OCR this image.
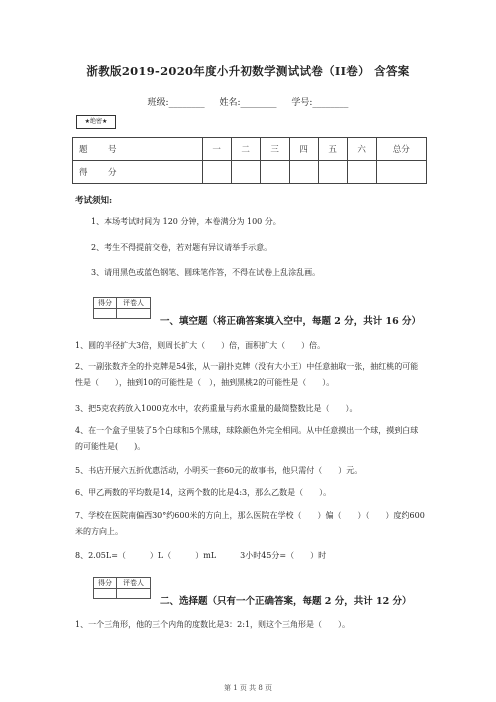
浙教版2019-2020年度小升初数学测试试卷（II卷） 含答案
班级:________ 姓名:________ 学号:________
★绝密★
题　号	一	二	三	四	五	六	总分
得　分							
考试须知:
1、本场考试时间为 120 分钟，本卷满分为 100 分。
2、考生不得提前交卷，若对题有异议请举手示意。
3、请用黑色或蓝色钢笔、圆珠笔作答，不得在试卷上乱涂乱画。
得分	评卷人

一、填空题（将正确答案填入空中，每题 2 分，共计 16 分）
1、圆的半径扩大3倍，则周长扩大（　　）倍，面积扩大（　　）倍。
2、一副张数齐全的扑克牌是54张，从一副扑克牌（没有大小王）中任意抽取一张，抽红桃的可能性是（　　），抽到10的可能性是（　），抽到黑桃2的可能性是（　　）。
3、把5克农药放入1000克水中，农药重量与药水重量的最简整数比是（　　）。
4、在一个盒子里装了5个白球和5个黑球，球除颜色外完全相同。从中任意摸出一个球，摸到白球的可能性是(　　)。
5、书店开展六五折优惠活动，小明买一套60元的故事书，他只需付（　　）元。
6、甲乙两数的平均数是14，这两个数的比是4:3，那么乙数是（　　）。
7、学校在医院南偏西30°约600米的方向上，那么医院在学校（　　）偏（　　）（　　）度约600米的方向上。
8、2.05L=（　　　）L（　　　）mL　　　3小时45分=（　　）时
得分	评卷人

二、选择题（只有一个正确答案，每题 2 分，共计 12 分）
1、一个三角形，他的三个内角的度数比是3：2:1，则这个三角形是（　　）。
第 1 页 共 8 页
